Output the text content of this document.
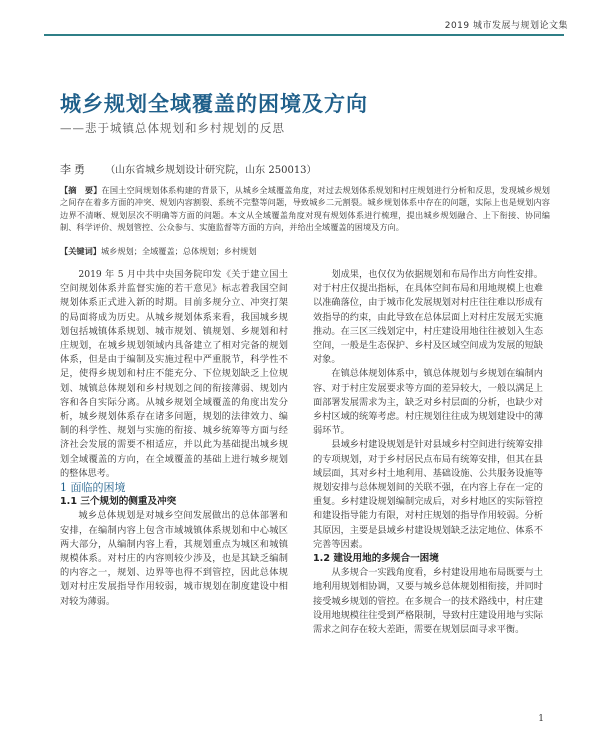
2019 城市发展与规划论文集
城乡规划全域覆盖的困境及方向
——悲于城镇总体规划和乡村规划的反思
李勇 （山东省城乡规划设计研究院，山东 250013）
【摘　要】在国土空间规划体系构建的背景下，从城乡全域覆盖角度，对过去规划体系规划和村庄规划进行分析和反思，发现城乡规划之间存在着多方面的冲突、规划内容割裂、系统不完整等问题，导致城乡二元割裂。城乡规划体系中存在的问题，实际上也是规划内容边界不清晰、规划层次不明确等方面的问题。本文从全域覆盖角度对现有规划体系进行梳理，提出城乡规划融合、上下衔接、协同编制、科学评价、规划管控、公众参与、实施监督等方面的方向，并给出全域覆盖的困境及方向。
【关键词】城乡规划；全域覆盖；总体规划；乡村规划

2019 年 5 月中共中央国务院印发《关于建立国土空间规划体系并监督实施的若干意见》标志着我国空间规划体系正式进入新的时期。目前多规分立、冲突打架的局面将成为历史。从城乡规划体系来看，我国城乡规划包括城镇体系规划、城市规划、镇规划、乡规划和村庄规划，在城乡规划领域内具备建立了相对完备的规划体系，但是由于编制及实施过程中严重脱节，科学性不足，使得乡规划和村庄不能充分、下位规划缺乏上位规划、城镇总体规划和乡村规划之间的衔接薄弱、规划内容和各自实际分离。从城乡规划全域覆盖的角度出发分析，城乡规划体系存在诸多问题，规划的法律效力、编制的科学性、规划与实施的衔接、城乡统筹等方面与经济社会发展的需要不相适应，并以此为基础提出城乡规划全域覆盖的方向，在全域覆盖的基础上进行城乡规划的整体思考。

1 面临的困境

1.1 三个规划的侧重及冲突

城乡总体规划是对城乡空间发展做出的总体部署和安排，在编制内容上包含市域城镇体系规划和中心城区两大部分，从编制内容上看，其规划重点为城区和城镇规模体系。对村庄的内容则较少涉及，也是其缺乏编制的内容之一，规划、边界等也得不到管控，因此总体规划对村庄发展指导作用较弱，城市规划在制度建设中相对较为薄弱。

划成果，也仅仅为依据规划和布局作出方向性安排。对于村庄仅提出指标，在具体空间布局和用地规模上也难以准确落位，由于城市化发展规划对村庄往往难以形成有效指导的约束，由此导致在总体层面上对村庄发展无实施推动。在三区三线划定中，村庄建设用地往往被划入生态空间，一般是生态保护、乡村及区域空间成为发展的短缺对象。

在镇总体规划体系中，镇总体规划与乡规划在编制内容、对于村庄发展要求等方面的差异较大，一般以满足上面部署发展需求为主，缺乏对乡村层面的分析，也缺少对乡村区域的统筹考虑。村庄规划往往成为规划建设中的薄弱环节。

县域乡村建设规划是针对县域乡村空间进行统筹安排的专项规划，对于乡村居民点布局有统筹安排，但其在县域层面，其对乡村土地利用、基础设施、公共服务设施等规划安排与总体规划间的关联不强，在内容上存在一定的重复。乡村建设规划编制完成后，对乡村地区的实际管控和建设指导能力有限，对村庄规划的指导作用较弱。分析其原因，主要是县域乡村建设规划缺乏法定地位、体系不完善等因素。

1.2 建设用地的多规合一困境

从多规合一实践角度看，乡村建设用地布局既要与土地利用规划相协调，又要与城乡总体规划相衔接，并同时接受城乡规划的管控。在多规合一的技术路线中，村庄建设用地规模往往受到严格限制，导致村庄建设用地与实际需求之间存在较大差距，需要在规划层面寻求平衡。

1
